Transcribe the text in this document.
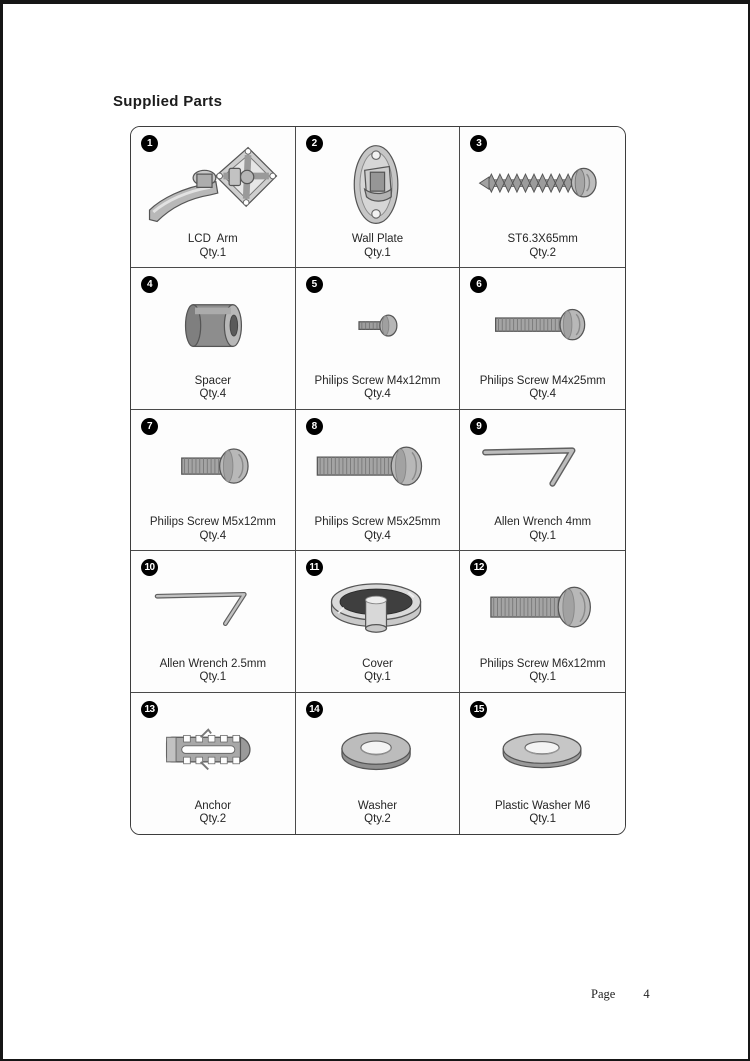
Supplied Parts
1
LCD  Arm
Qty.1
2
Wall Plate
Qty.1
3
ST6.3X65mm
Qty.2
4
Spacer
Qty.4
5
Philips Screw M4x12mm
Qty.4
6
Philips Screw M4x25mm
Qty.4
7
Philips Screw M5x12mm
Qty.4
8
Philips Screw M5x25mm
Qty.4
9
Allen Wrench 4mm
Qty.1
10
Allen Wrench 2.5mm
Qty.1
11
Cover
Qty.1
12
Philips Screw M6x12mm
Qty.1
13
Anchor
Qty.2
14
Washer
Qty.2
15
Plastic Washer M6
Qty.1
Page 4
